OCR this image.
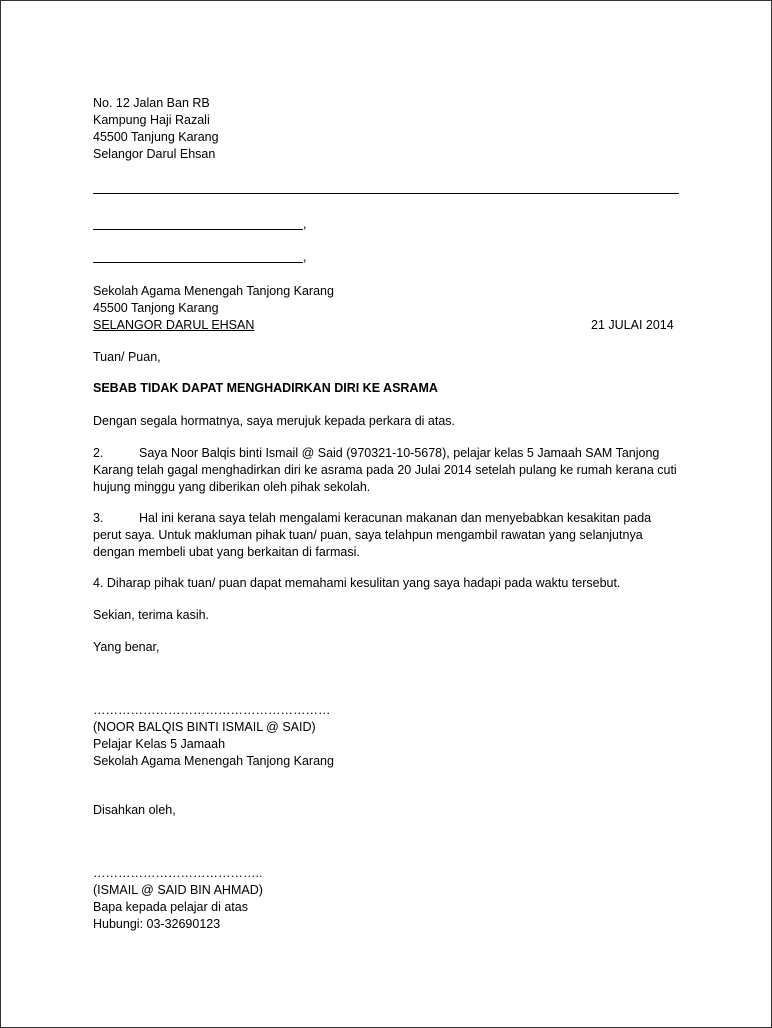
No. 12 Jalan Ban RB
Kampung Haji Razali
45500 Tanjung Karang
Selangor Darul Ehsan
,
,
Sekolah Agama Menengah Tanjong Karang
45500 Tanjong Karang
SELANGOR DARUL EHSAN	21 JULAI 2014
Tuan/ Puan,
SEBAB TIDAK DAPAT MENGHADIRKAN DIRI KE ASRAMA
Dengan segala hormatnya, saya merujuk kepada perkara di atas.
2.	Saya Noor Balqis binti Ismail @ Said (970321-10-5678), pelajar kelas 5 Jamaah SAM Tanjong
Karang telah gagal menghadirkan diri ke asrama pada 20 Julai 2014 setelah pulang ke rumah kerana cuti
hujung minggu yang diberikan oleh pihak sekolah.
3.	Hal ini kerana saya telah mengalami keracunan makanan dan menyebabkan kesakitan pada
perut saya. Untuk makluman pihak tuan/ puan, saya telahpun mengambil rawatan yang selanjutnya
dengan membeli ubat yang berkaitan di farmasi.
4. Diharap pihak tuan/ puan dapat memahami kesulitan yang saya hadapi pada waktu tersebut.
Sekian, terima kasih.
Yang benar,
…………………………………………………
(NOOR BALQIS BINTI ISMAIL @ SAID)
Pelajar Kelas 5 Jamaah
Sekolah Agama Menengah Tanjong Karang
Disahkan oleh,
…………………………………..
(ISMAIL @ SAID BIN AHMAD)
Bapa kepada pelajar di atas
Hubungi: 03-32690123
